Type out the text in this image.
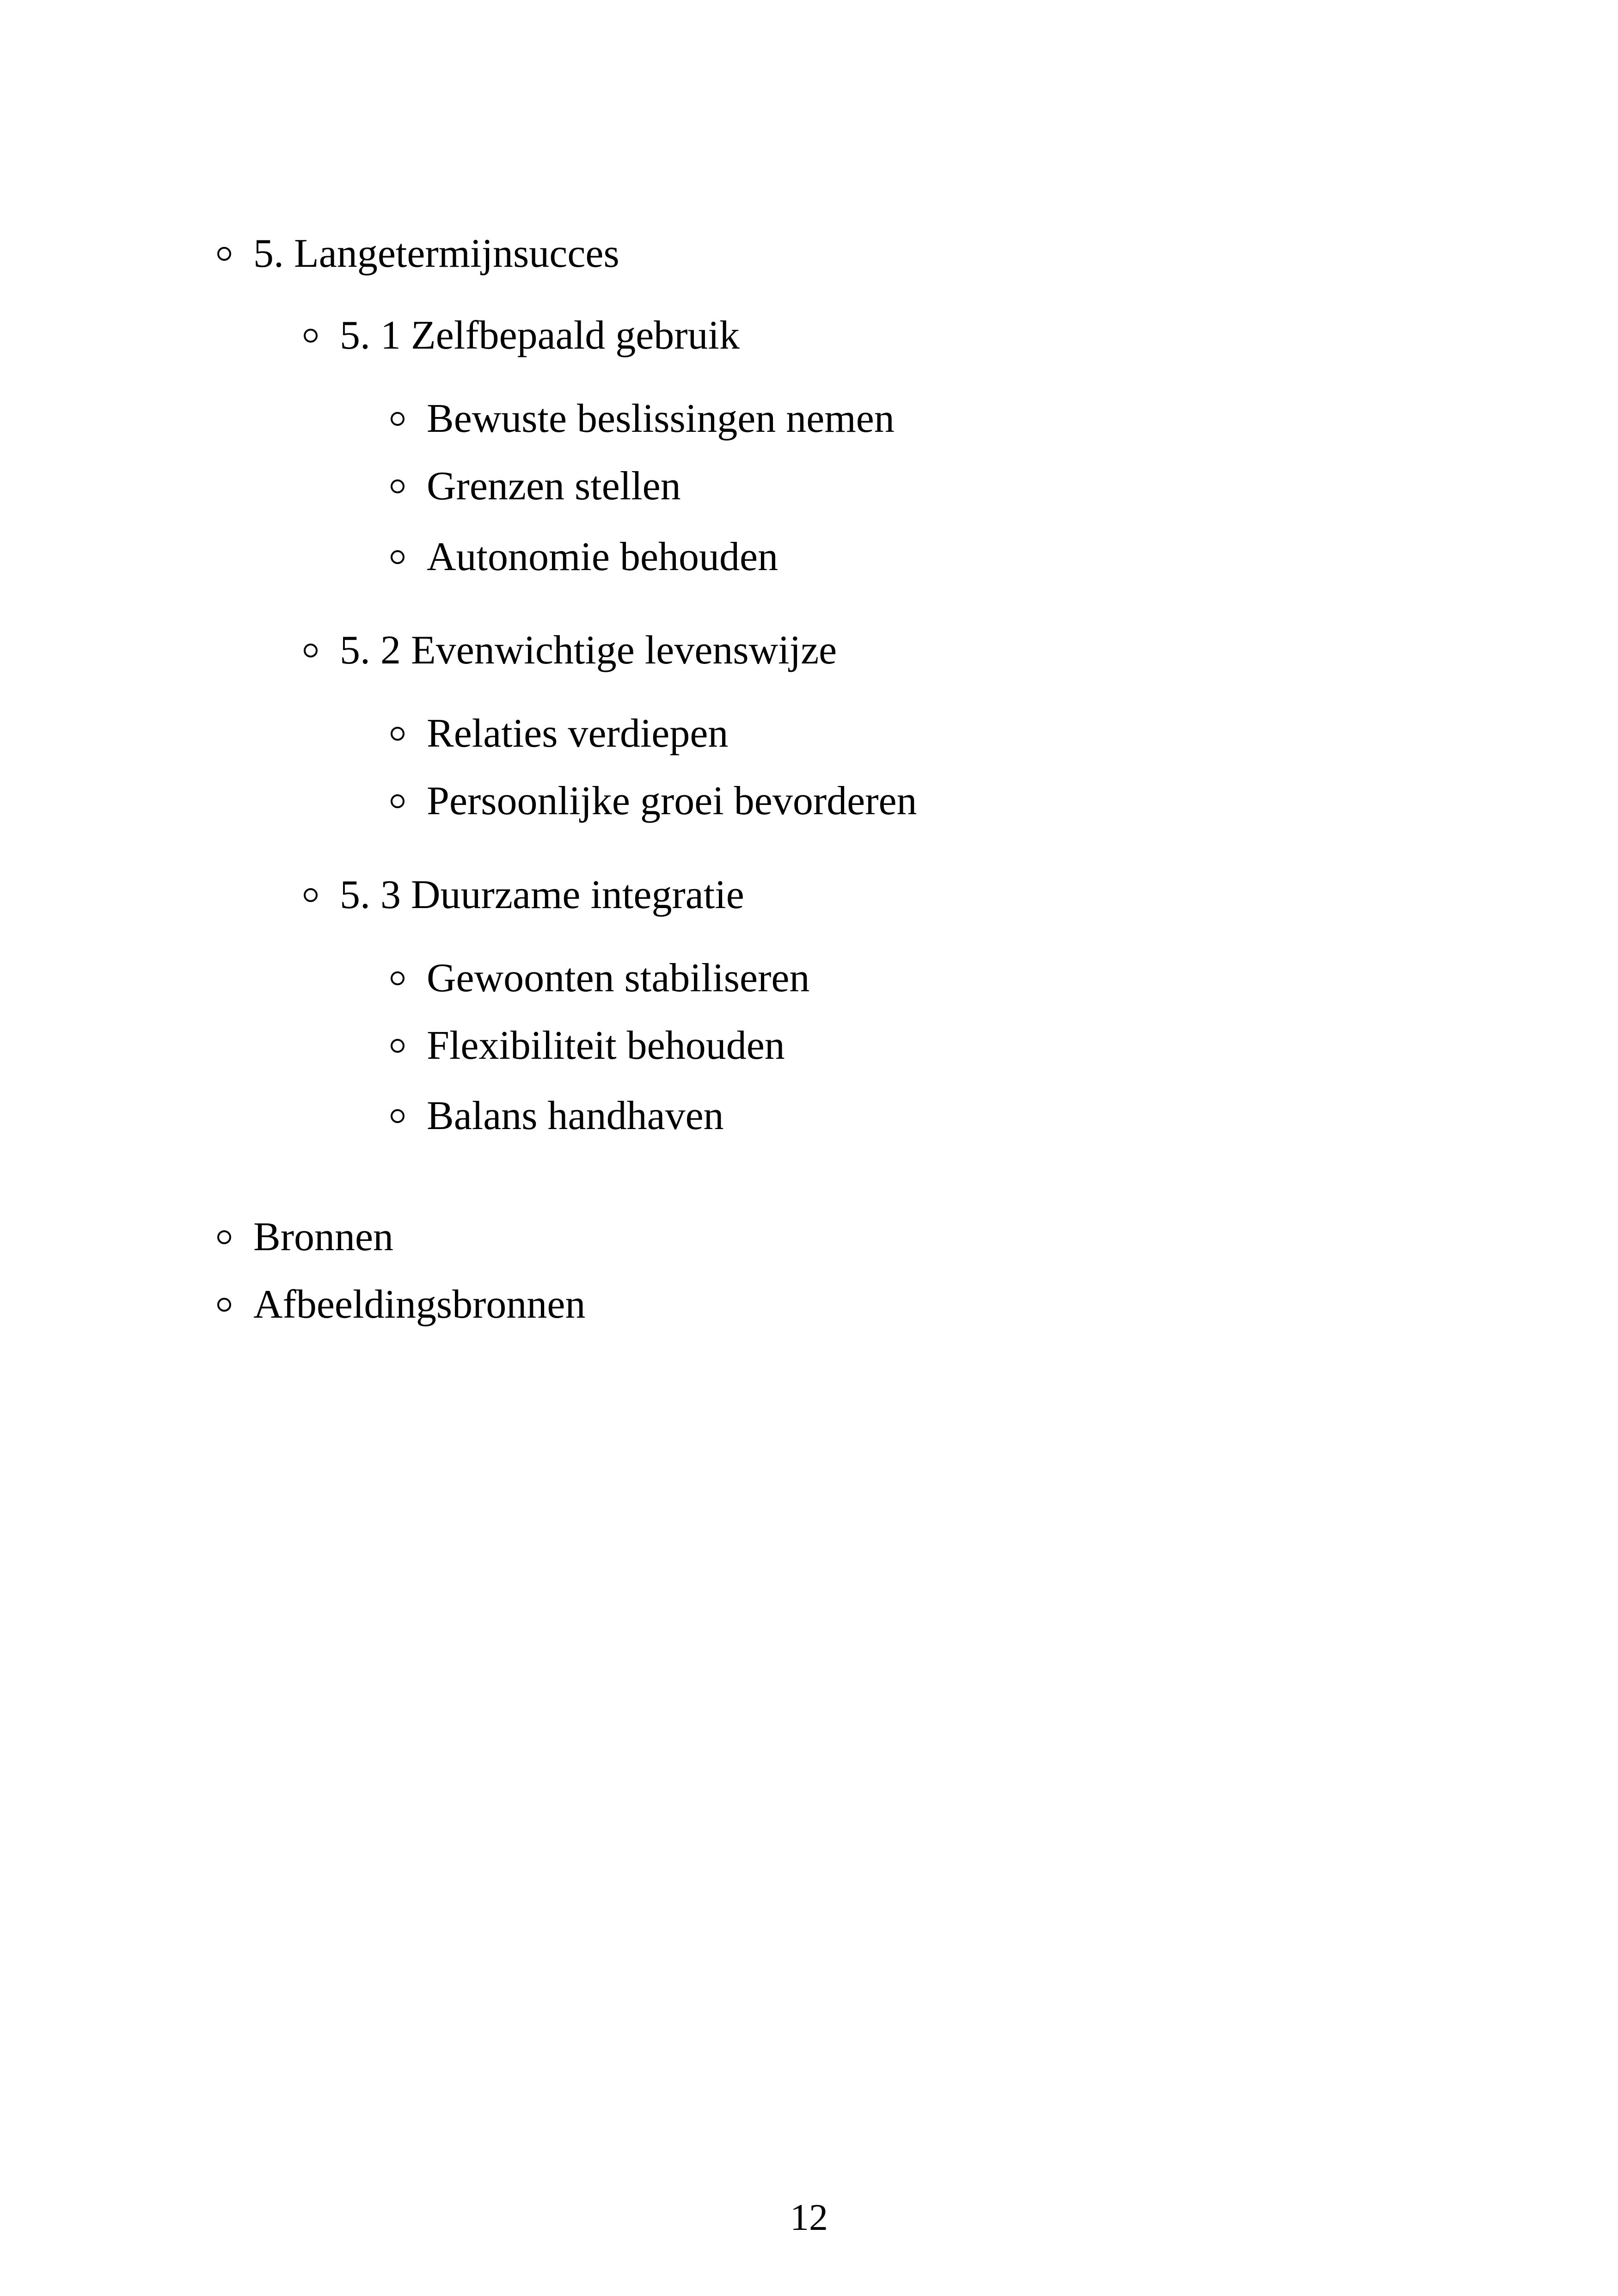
5. Langetermijnsucces
5. 1 Zelfbepaald gebruik
Bewuste beslissingen nemen
Grenzen stellen
Autonomie behouden
5. 2 Evenwichtige levenswijze
Relaties verdiepen
Persoonlijke groei bevorderen
5. 3 Duurzame integratie
Gewoonten stabiliseren
Flexibiliteit behouden
Balans handhaven
Bronnen
Afbeeldingsbronnen
12
